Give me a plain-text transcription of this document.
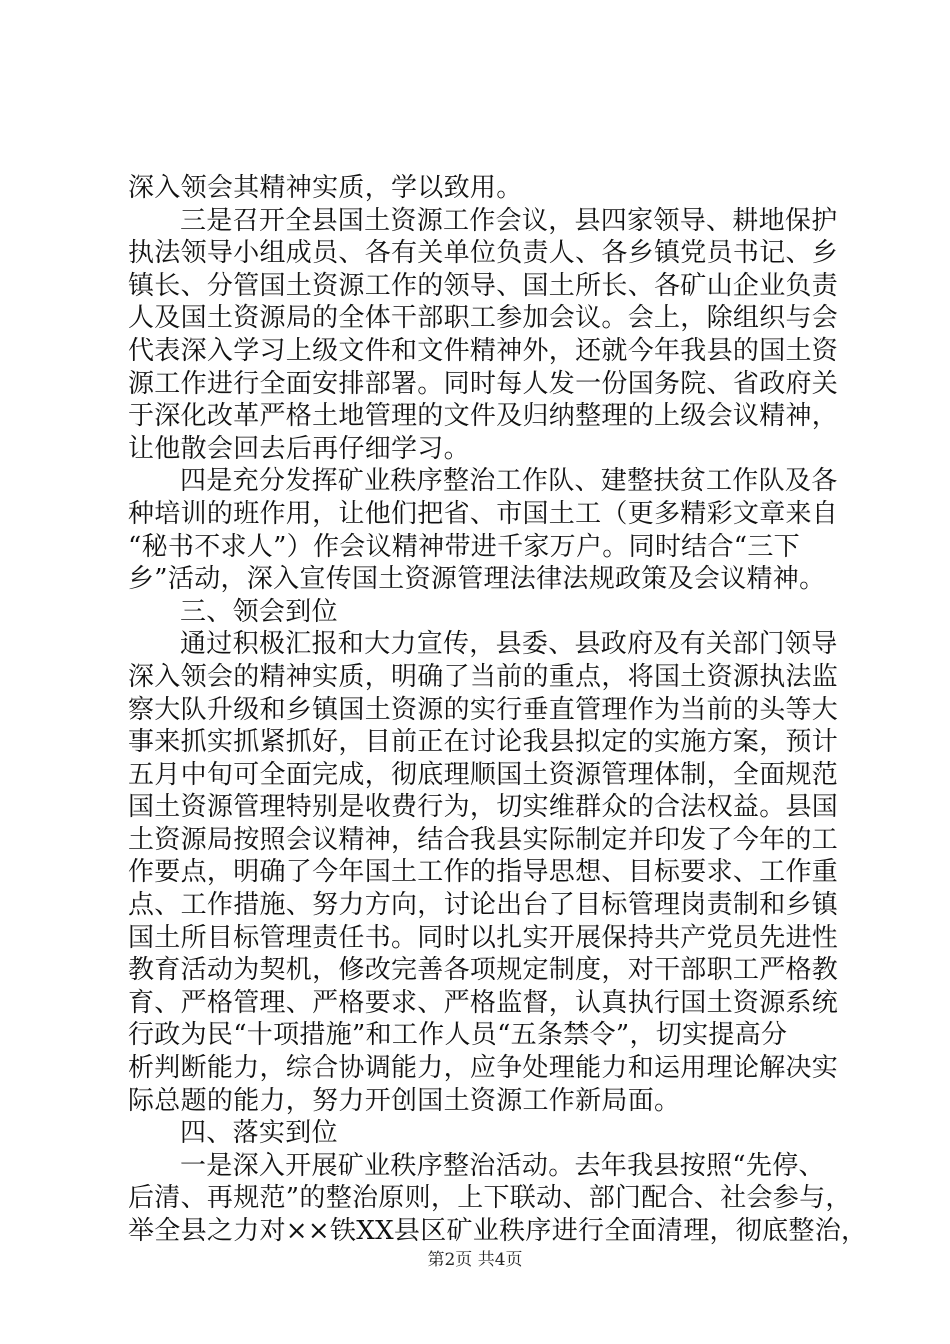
深入领会其精神实质，学以致用。
三是召开全县国土资源工作会议，县四家领导、耕地保护
执法领导小组成员、各有关单位负责人、各乡镇党员书记、乡
镇长、分管国土资源工作的领导、国土所长、各矿山企业负责
人及国土资源局的全体干部职工参加会议。会上，除组织与会
代表深入学习上级文件和文件精神外，还就今年我县的国土资
源工作进行全面安排部署。同时每人发一份国务院、省政府关
于深化改革严格土地管理的文件及归纳整理的上级会议精神，
让他散会回去后再仔细学习。
四是充分发挥矿业秩序整治工作队、建整扶贫工作队及各
种培训的班作用，让他们把省、市国土工（更多精彩文章来自
“秘书不求人”）作会议精神带进千家万户。同时结合“三下
乡”活动，深入宣传国土资源管理法律法规政策及会议精神。
三、领会到位
通过积极汇报和大力宣传，县委、县政府及有关部门领导
深入领会的精神实质，明确了当前的重点，将国土资源执法监
察大队升级和乡镇国土资源的实行垂直管理作为当前的头等大
事来抓实抓紧抓好，目前正在讨论我县拟定的实施方案，预计
五月中旬可全面完成，彻底理顺国土资源管理体制，全面规范
国土资源管理特别是收费行为，切实维群众的合法权益。县国
土资源局按照会议精神，结合我县实际制定并印发了今年的工
作要点，明确了今年国土工作的指导思想、目标要求、工作重
点、工作措施、努力方向，讨论出台了目标管理岗责制和乡镇
国土所目标管理责任书。同时以扎实开展保持共产党员先进性
教育活动为契机，修改完善各项规定制度，对干部职工严格教
育、严格管理、严格要求、严格监督，认真执行国土资源系统
行政为民“十项措施”和工作人员“五条禁令”，切实提高分
析判断能力，综合协调能力，应争处理能力和运用理论解决实
际总题的能力，努力开创国土资源工作新局面。
四、落实到位
一是深入开展矿业秩序整治活动。去年我县按照“先停、
后清、再规范”的整治原则，上下联动、部门配合、社会参与，
举全县之力对××铁XX县区矿业秩序进行全面清理，彻底整治，
第2页 共4页
